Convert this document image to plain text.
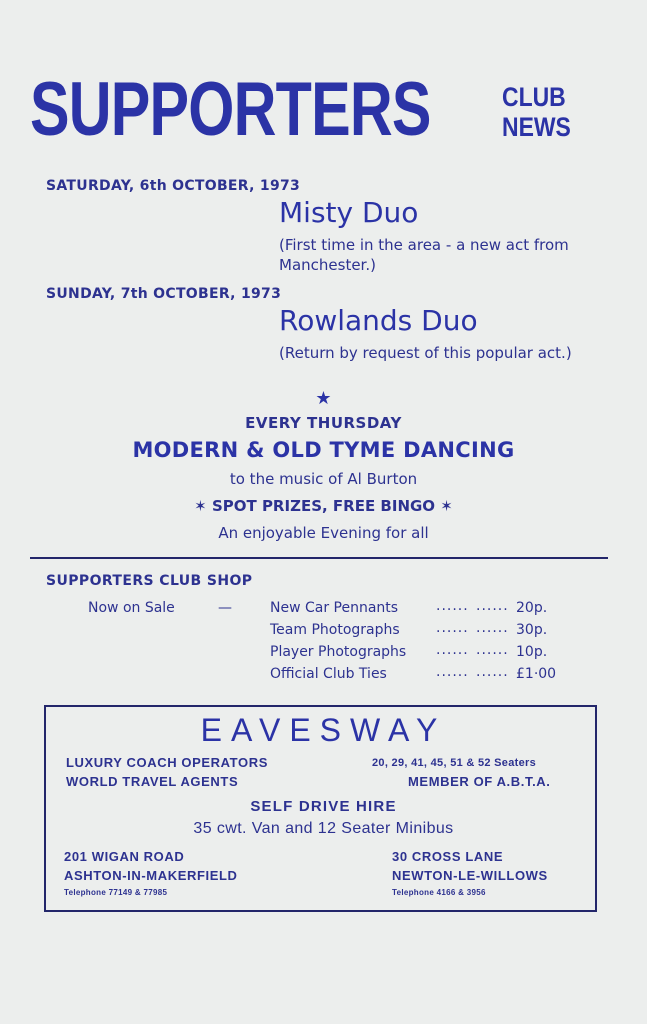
SUPPORTERS	CLUB
NEWS
SATURDAY, 6th OCTOBER, 1973
Misty Duo
(First time in the area - a new act from Manchester.)
SUNDAY, 7th OCTOBER, 1973
Rowlands Duo
(Return by request of this popular act.)
★
EVERY THURSDAY
MODERN & OLD TYME DANCING
to the music of Al Burton
✶ SPOT PRIZES, FREE BINGO ✶
An enjoyable Evening for all
SUPPORTERS CLUB SHOP
Now on Sale	—	New Car Pennants	...... ...... 20p.
Team Photographs	...... ...... 30p.
Player Photographs ...... ...... 10p.
Official Club Ties	...... ...... £1·00
EAVESWAY
LUXURY COACH OPERATORS
WORLD TRAVEL AGENTS
20, 29, 41, 45, 51 & 52 Seaters
MEMBER OF A.B.T.A.
SELF DRIVE HIRE
35 cwt. Van and 12 Seater Minibus
201 WIGAN ROAD
ASHTON-IN-MAKERFIELD
Telephone 77149 & 77985
30 CROSS LANE
NEWTON-LE-WILLOWS
Telephone 4166 & 3956
